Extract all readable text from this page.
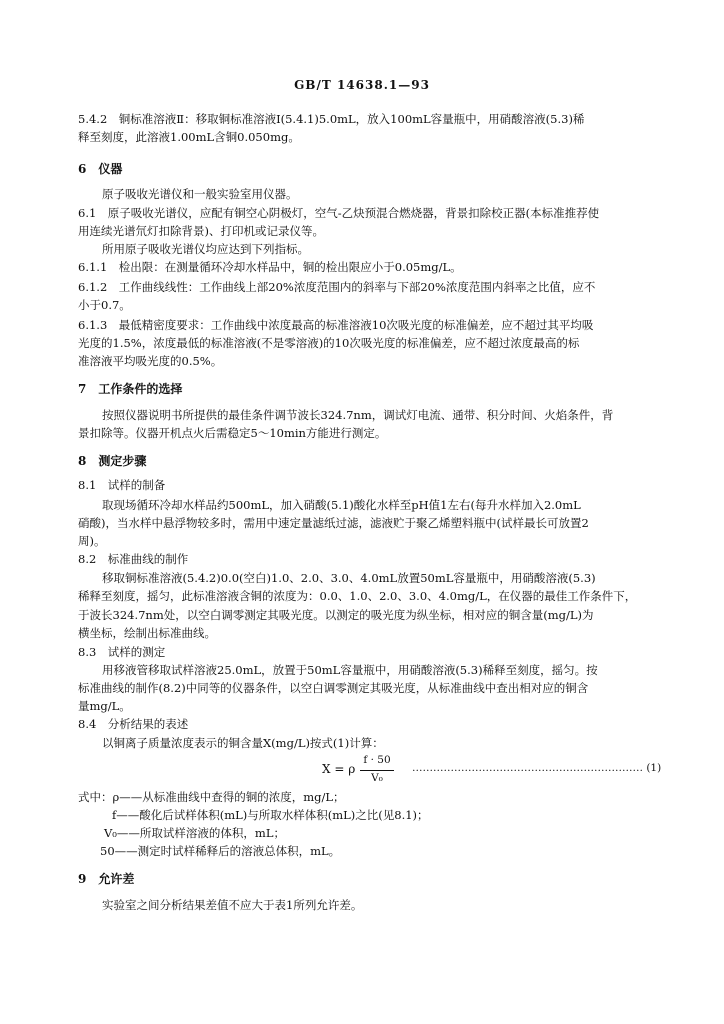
GB/T 14638.1—93
5.4.2　铜标准溶液Ⅱ：移取铜标准溶液Ⅰ(5.4.1)5.0mL，放入100mL容量瓶中，用硝酸溶液(5.3)稀
释至刻度，此溶液1.00mL含铜0.050mg。
6　仪器
原子吸收光谱仪和一般实验室用仪器。
6.1　原子吸收光谱仪，应配有铜空心阴极灯，空气-乙炔预混合燃烧器，背景扣除校正器(本标准推荐使
用连续光谱氘灯扣除背景)、打印机或记录仪等。
所用原子吸收光谱仪均应达到下列指标。
6.1.1　检出限：在测量循环冷却水样品中，铜的检出限应小于0.05mg/L。
6.1.2　工作曲线线性：工作曲线上部20%浓度范围内的斜率与下部20%浓度范围内斜率之比值，应不
小于0.7。
6.1.3　最低精密度要求：工作曲线中浓度最高的标准溶液10次吸光度的标准偏差，应不超过其平均吸
光度的1.5%，浓度最低的标准溶液(不是零溶液)的10次吸光度的标准偏差，应不超过浓度最高的标
准溶液平均吸光度的0.5%。
7　工作条件的选择
按照仪器说明书所提供的最佳条件调节波长324.7nm，调试灯电流、通带、积分时间、火焰条件，背
景扣除等。仪器开机点火后需稳定5～10min方能进行测定。
8　测定步骤
8.1　试样的制备
取现场循环冷却水样品约500mL，加入硝酸(5.1)酸化水样至pH值1左右(每升水样加入2.0mL
硝酸)，当水样中悬浮物较多时，需用中速定量滤纸过滤，滤液贮于聚乙烯塑料瓶中(试样最长可放置2
周)。
8.2　标准曲线的制作
移取铜标准溶液(5.4.2)0.0(空白)1.0、2.0、3.0、4.0mL放置50mL容量瓶中，用硝酸溶液(5.3)
稀释至刻度，摇匀，此标准溶液含铜的浓度为：0.0、1.0、2.0、3.0、4.0mg/L，在仪器的最佳工作条件下，
于波长324.7nm处，以空白调零测定其吸光度。以测定的吸光度为纵坐标，相对应的铜含量(mg/L)为
横坐标，绘制出标准曲线。
8.3　试样的测定
用移液管移取试样溶液25.0mL，放置于50mL容量瓶中，用硝酸溶液(5.3)稀释至刻度，摇匀。按
标准曲线的制作(8.2)中同等的仪器条件，以空白调零测定其吸光度，从标准曲线中查出相对应的铜含
量mg/L。
8.4　分析结果的表述
以铜离子质量浓度表示的铜含量X(mg/L)按式(1)计算：
X = ρ
f · 50
V₀
………………………………………………………… (1)
式中：ρ——从标准曲线中查得的铜的浓度，mg/L；
f——酸化后试样体积(mL)与所取水样体积(mL)之比(见8.1)；
V₀——所取试样溶液的体积，mL；
50——测定时试样稀释后的溶液总体积，mL。
9　允许差
实验室之间分析结果差值不应大于表1所列允许差。
